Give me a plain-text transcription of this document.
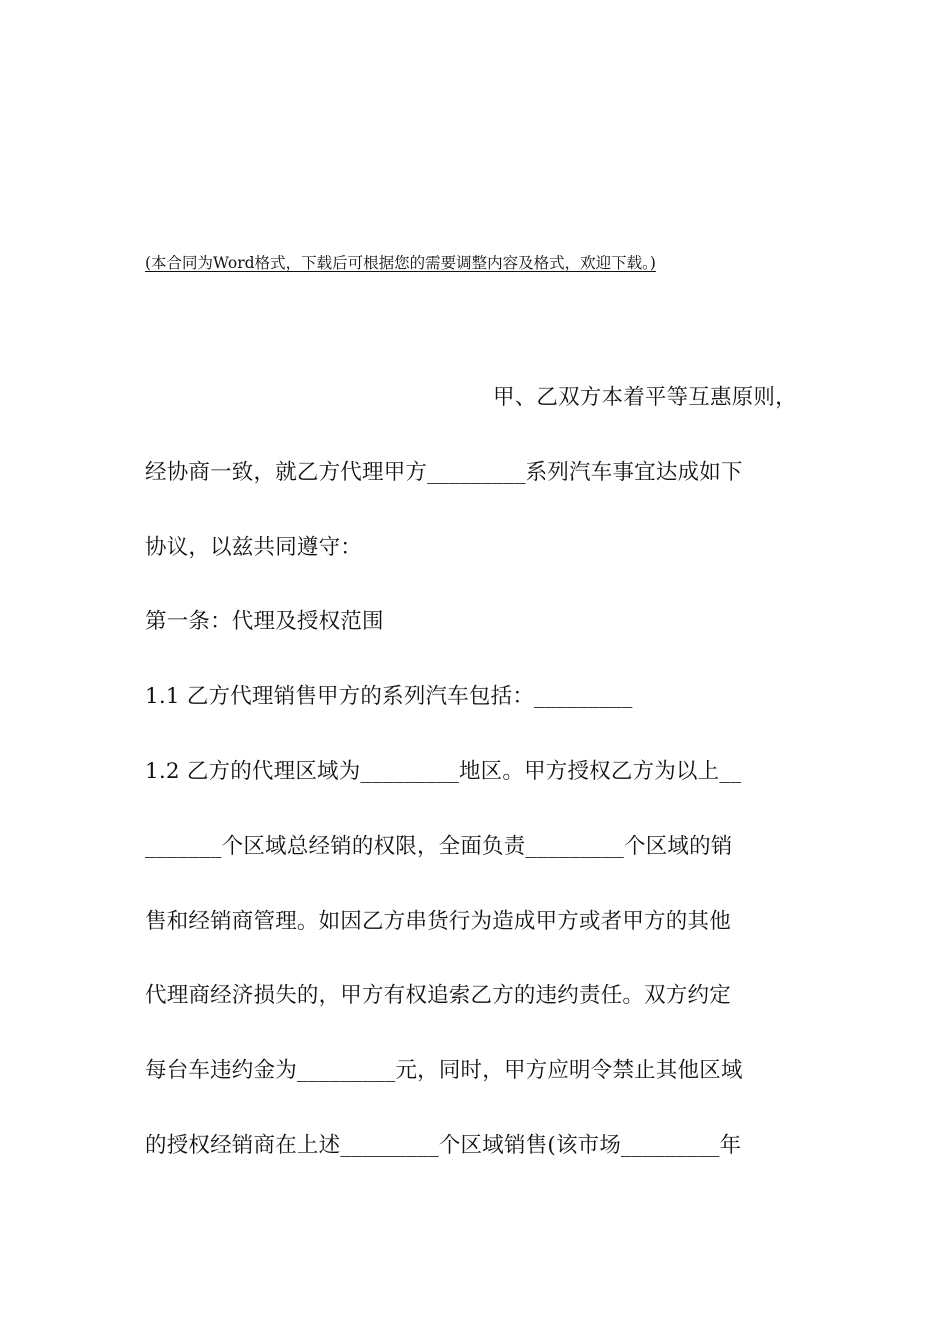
(本合同为Word格式，下载后可根据您的需要调整内容及格式，欢迎下载。)
甲、乙双方本着平等互惠原则，
经协商一致，就乙方代理甲方_________系列汽车事宜达成如下
协议，以兹共同遵守：
第一条：代理及授权范围
1.1 乙方代理销售甲方的系列汽车包括：_________
1.2 乙方的代理区域为_________地区。甲方授权乙方为以上__
_______个区域总经销的权限，全面负责_________个区域的销
售和经销商管理。如因乙方串货行为造成甲方或者甲方的其他
代理商经济损失的，甲方有权追索乙方的违约责任。双方约定
每台车违约金为_________元，同时，甲方应明令禁止其他区域
的授权经销商在上述_________个区域销售(该市场_________年
